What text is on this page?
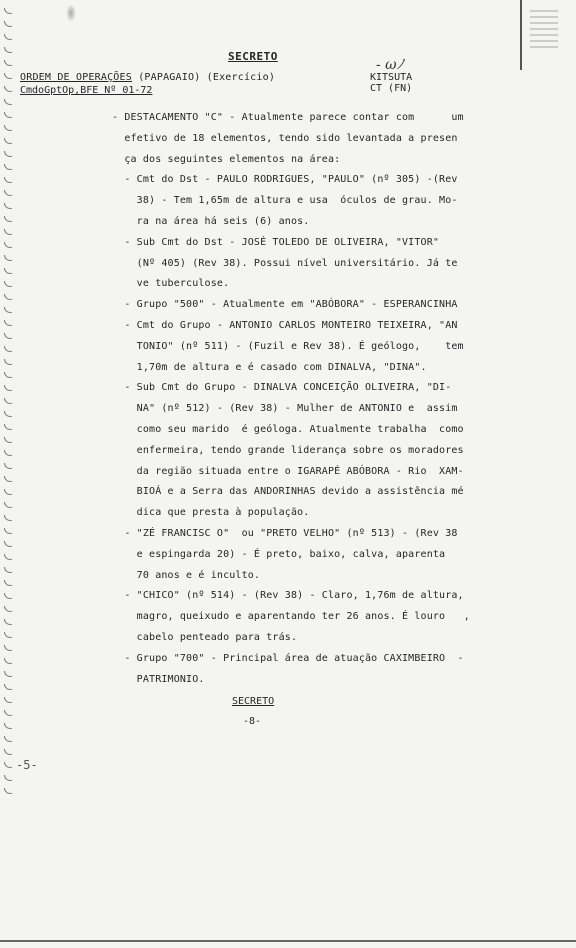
SECRETO
- ωﾉ
ORDEM DE OPERAÇÕES (PAPAGAIO) (Exercício)
CmdoGptOp,BFE Nº 01-72
KITSUTA
CT (FN)
- DESTACAMENTO "C" - Atualmente parece contar com      um
efetivo de 18 elementos, tendo sido levantada a presen
ça dos seguintes elementos na área:
- Cmt do Dst - PAULO RODRIGUES, "PAULO" (nº 305) -(Rev
38) - Tem 1,65m de altura e usa  óculos de grau. Mo-
ra na área há seis (6) anos.
- Sub Cmt do Dst - JOSÉ TOLEDO DE OLIVEIRA, "VITOR"
(Nº 405) (Rev 38). Possui nível universitário. Já te
ve tuberculose.
- Grupo "500" - Atualmente em "ABÓBORA" - ESPERANCINHA
- Cmt do Grupo - ANTONIO CARLOS MONTEIRO TEIXEIRA, "AN
TONIO" (nº 511) - (Fuzil e Rev 38). É geólogo,    tem
1,70m de altura e é casado com DINALVA, "DINA".
- Sub Cmt do Grupo - DINALVA CONCEIÇÃO OLIVEIRA, "DI-
NA" (nº 512) - (Rev 38) - Mulher de ANTONIO e  assim
como seu marido  é geóloga. Atualmente trabalha  como
enfermeira, tendo grande liderança sobre os moradores
da região situada entre o IGARAPÉ ABÓBORA - Rio  XAM-
BIOÁ e a Serra das ANDORINHAS devido a assistência mé
dica que presta à população.
- "ZÉ FRANCISC O"  ou "PRETO VELHO" (nº 513) - (Rev 38
e espingarda 20) - É preto, baixo, calva, aparenta
70 anos e é inculto.
- "CHICO" (nº 514) - (Rev 38) - Claro, 1,76m de altura,
magro, queixudo e aparentando ter 26 anos. É louro   ,
cabelo penteado para trás.
- Grupo "700" - Principal área de atuação CAXIMBEIRO  -
PATRIMONIO.
SECRETO
-8-
-5-
